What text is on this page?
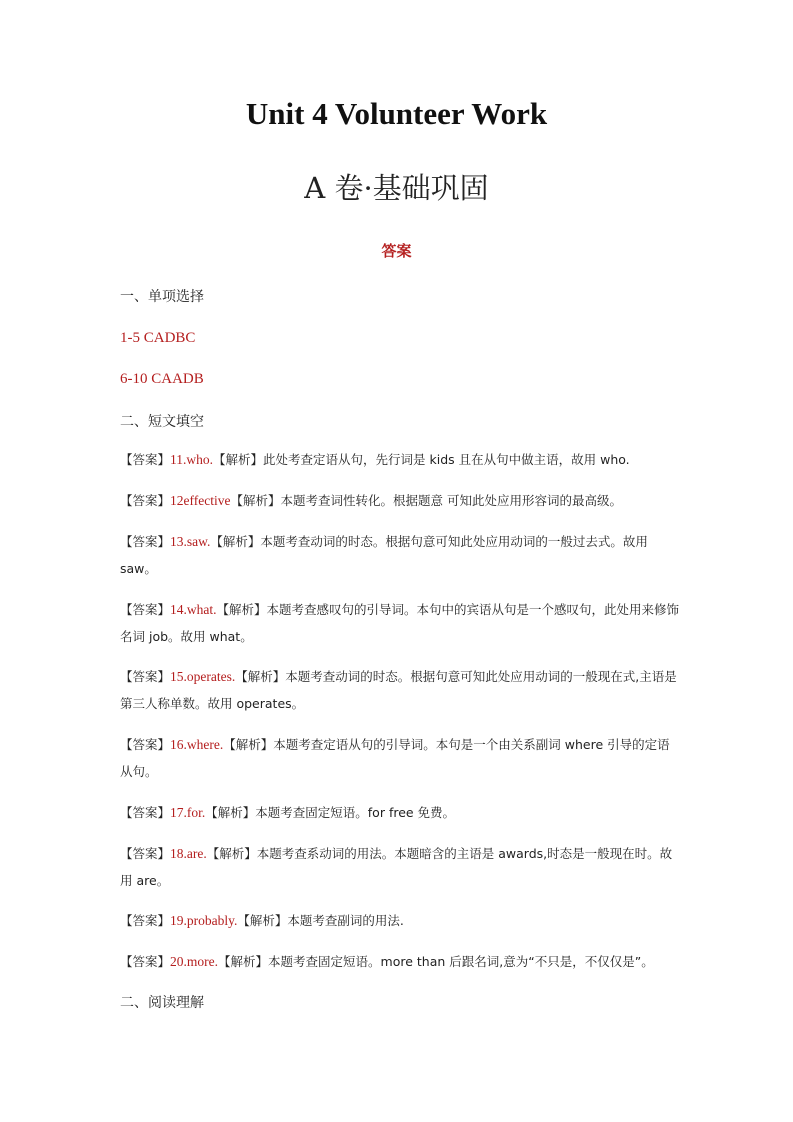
Unit 4 Volunteer Work
A 卷·基础巩固
答案
一、单项选择
1-5 CADBC
6-10 CAADB
二、短文填空
【答案】11.who.【解析】此处考查定语从句，先行词是 kids 且在从句中做主语，故用 who.
【答案】12effective【解析】本题考查词性转化。根据题意 可知此处应用形容词的最高级。
【答案】13.saw.【解析】本题考查动词的时态。根据句意可知此处应用动词的一般过去式。故用 saw。
【答案】14.what.【解析】本题考查感叹句的引导词。本句中的宾语从句是一个感叹句，此处用来修饰名词 job。故用 what。
【答案】15.operates.【解析】本题考查动词的时态。根据句意可知此处应用动词的一般现在式,主语是第三人称单数。故用 operates。
【答案】16.where.【解析】本题考查定语从句的引导词。本句是一个由关系副词 where 引导的定语从句。
【答案】17.for.【解析】本题考查固定短语。for free 免费。
【答案】18.are.【解析】本题考查系动词的用法。本题暗含的主语是 awards,时态是一般现在时。故用 are。
【答案】19.probably.【解析】本题考查副词的用法.
【答案】20.more.【解析】本题考查固定短语。more than 后跟名词,意为“不只是，不仅仅是”。
二、阅读理解
